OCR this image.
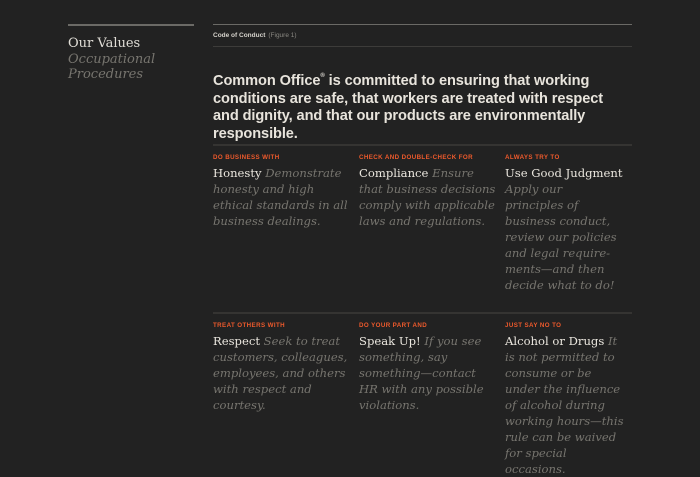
Our Values
Occupational Procedures
Code of Conduct (Figure 1)

Common Office® is committed to ensuring that working conditions are safe, that workers are treated with respect and dignity, and that our products are environmentally responsible.

DO BUSINESS WITH
Honesty Demonstrate honesty and high ethical standards in all business dealings.
CHECK AND DOUBLE-CHECK FOR
Compliance Ensure that business decisions comply with applicable laws and regulations.
ALWAYS TRY TO
Use Good Judgment Apply our principles of business conduct, review our policies and legal require-ments—and then decide what to do!
TREAT OTHERS WITH
Respect Seek to treat customers, colleagues, employees, and others with respect and courtesy.
DO YOUR PART AND
Speak Up! If you see something, say something—contact HR with any possible violations.
JUST SAY NO TO
Alcohol or Drugs It is not permitted to consume or be under the influence of alcohol during working hours—this rule can be waived for special occasions.
